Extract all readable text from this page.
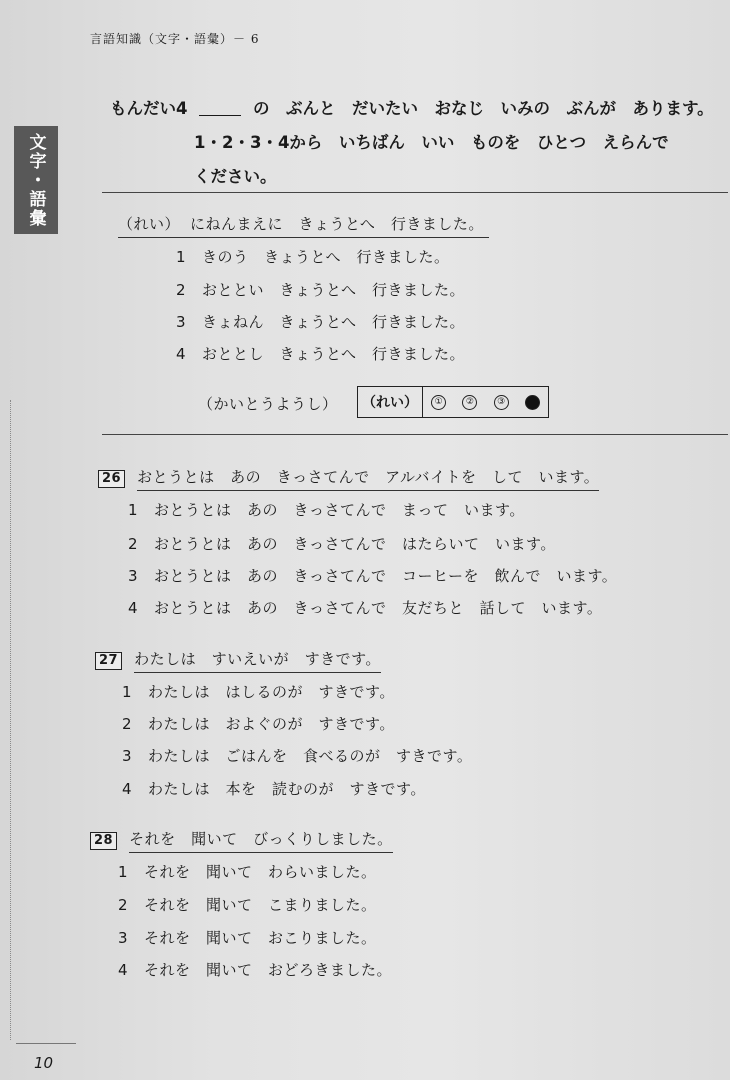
言語知識（文字・語彙）－ 6
文字・語彙
もんだい4	の　ぶんと　だいたい　おなじ　いみの　ぶんが　あります。
1・2・3・4から　いちばん　いい　ものを　ひとつ　えらんで
ください。
（れい） にねんまえに　きょうとへ　行きました。
1 きのう　きょうとへ　行きました。
2 おととい　きょうとへ　行きました。
3 きょねん　きょうとへ　行きました。
4 おととし　きょうとへ　行きました。
（かいとうようし） （れい）	①	②	③
26 おとうとは　あの　きっさてんで　アルバイトを　して　います。
1 おとうとは　あの　きっさてんで　まって　います。
2 おとうとは　あの　きっさてんで　はたらいて　います。
3 おとうとは　あの　きっさてんで　コーヒーを　飲んで　います。
4 おとうとは　あの　きっさてんで　友だちと　話して　います。
27 わたしは　すいえいが　すきです。
1 わたしは　はしるのが　すきです。
2 わたしは　およぐのが　すきです。
3 わたしは　ごはんを　食べるのが　すきです。
4 わたしは　本を　読むのが　すきです。
28 それを　聞いて　びっくりしました。
1 それを　聞いて　わらいました。
2 それを　聞いて　こまりました。
3 それを　聞いて　おこりました。
4 それを　聞いて　おどろきました。
10
